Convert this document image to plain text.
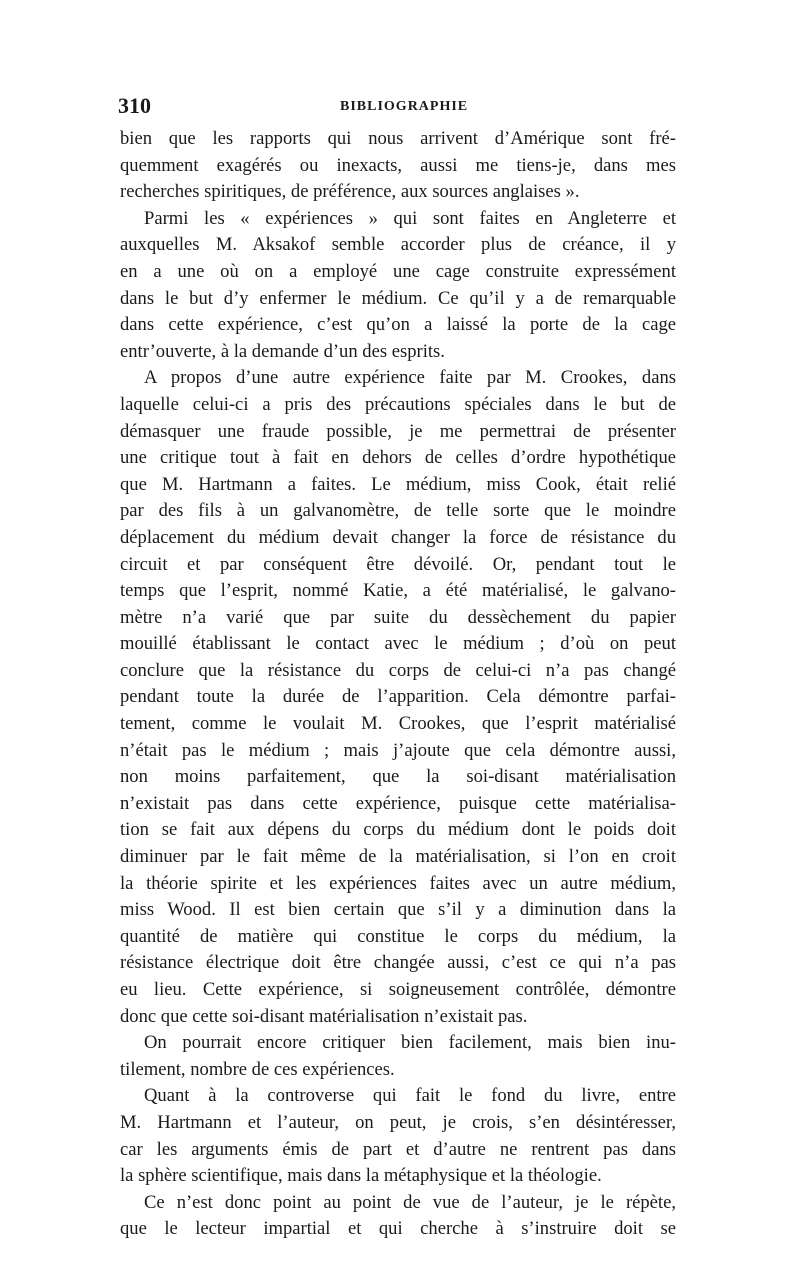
310	BIBLIOGRAPHIE
bien que les rapports qui nous arrivent d’Amérique sont fré-
quemment exagérés ou inexacts, aussi me tiens-je, dans mes
recherches spiritiques, de préférence, aux sources anglaises ».
Parmi les « expériences » qui sont faites en Angleterre et
auxquelles M. Aksakof semble accorder plus de créance, il y
en a une où on a employé une cage construite expressément
dans le but d’y enfermer le médium. Ce qu’il y a de remarquable
dans cette expérience, c’est qu’on a laissé la porte de la cage
entr’ouverte, à la demande d’un des esprits.
A propos d’une autre expérience faite par M. Crookes, dans
laquelle celui-ci a pris des précautions spéciales dans le but de
démasquer une fraude possible, je me permettrai de présenter
une critique tout à fait en dehors de celles d’ordre hypothétique
que M. Hartmann a faites. Le médium, miss Cook, était relié
par des fils à un galvanomètre, de telle sorte que le moindre
déplacement du médium devait changer la force de résistance du
circuit et par conséquent être dévoilé. Or, pendant tout le
temps que l’esprit, nommé Katie, a été matérialisé, le galvano-
mètre n’a varié que par suite du dessèchement du papier
mouillé établissant le contact avec le médium ; d’où on peut
conclure que la résistance du corps de celui-ci n’a pas changé
pendant toute la durée de l’apparition. Cela démontre parfai-
tement, comme le voulait M. Crookes, que l’esprit matérialisé
n’était pas le médium ; mais j’ajoute que cela démontre aussi,
non moins parfaitement, que la soi-disant matérialisation
n’existait pas dans cette expérience, puisque cette matérialisa-
tion se fait aux dépens du corps du médium dont le poids doit
diminuer par le fait même de la matérialisation, si l’on en croit
la théorie spirite et les expériences faites avec un autre médium,
miss Wood. Il est bien certain que s’il y a diminution dans la
quantité de matière qui constitue le corps du médium, la
résistance électrique doit être changée aussi, c’est ce qui n’a pas
eu lieu. Cette expérience, si soigneusement contrôlée, démontre
donc que cette soi-disant matérialisation n’existait pas.
On pourrait encore critiquer bien facilement, mais bien inu-
tilement, nombre de ces expériences.
Quant à la controverse qui fait le fond du livre, entre
M. Hartmann et l’auteur, on peut, je crois, s’en désintéresser,
car les arguments émis de part et d’autre ne rentrent pas dans
la sphère scientifique, mais dans la métaphysique et la théologie.
Ce n’est donc point au point de vue de l’auteur, je le répète,
que le lecteur impartial et qui cherche à s’instruire doit se
